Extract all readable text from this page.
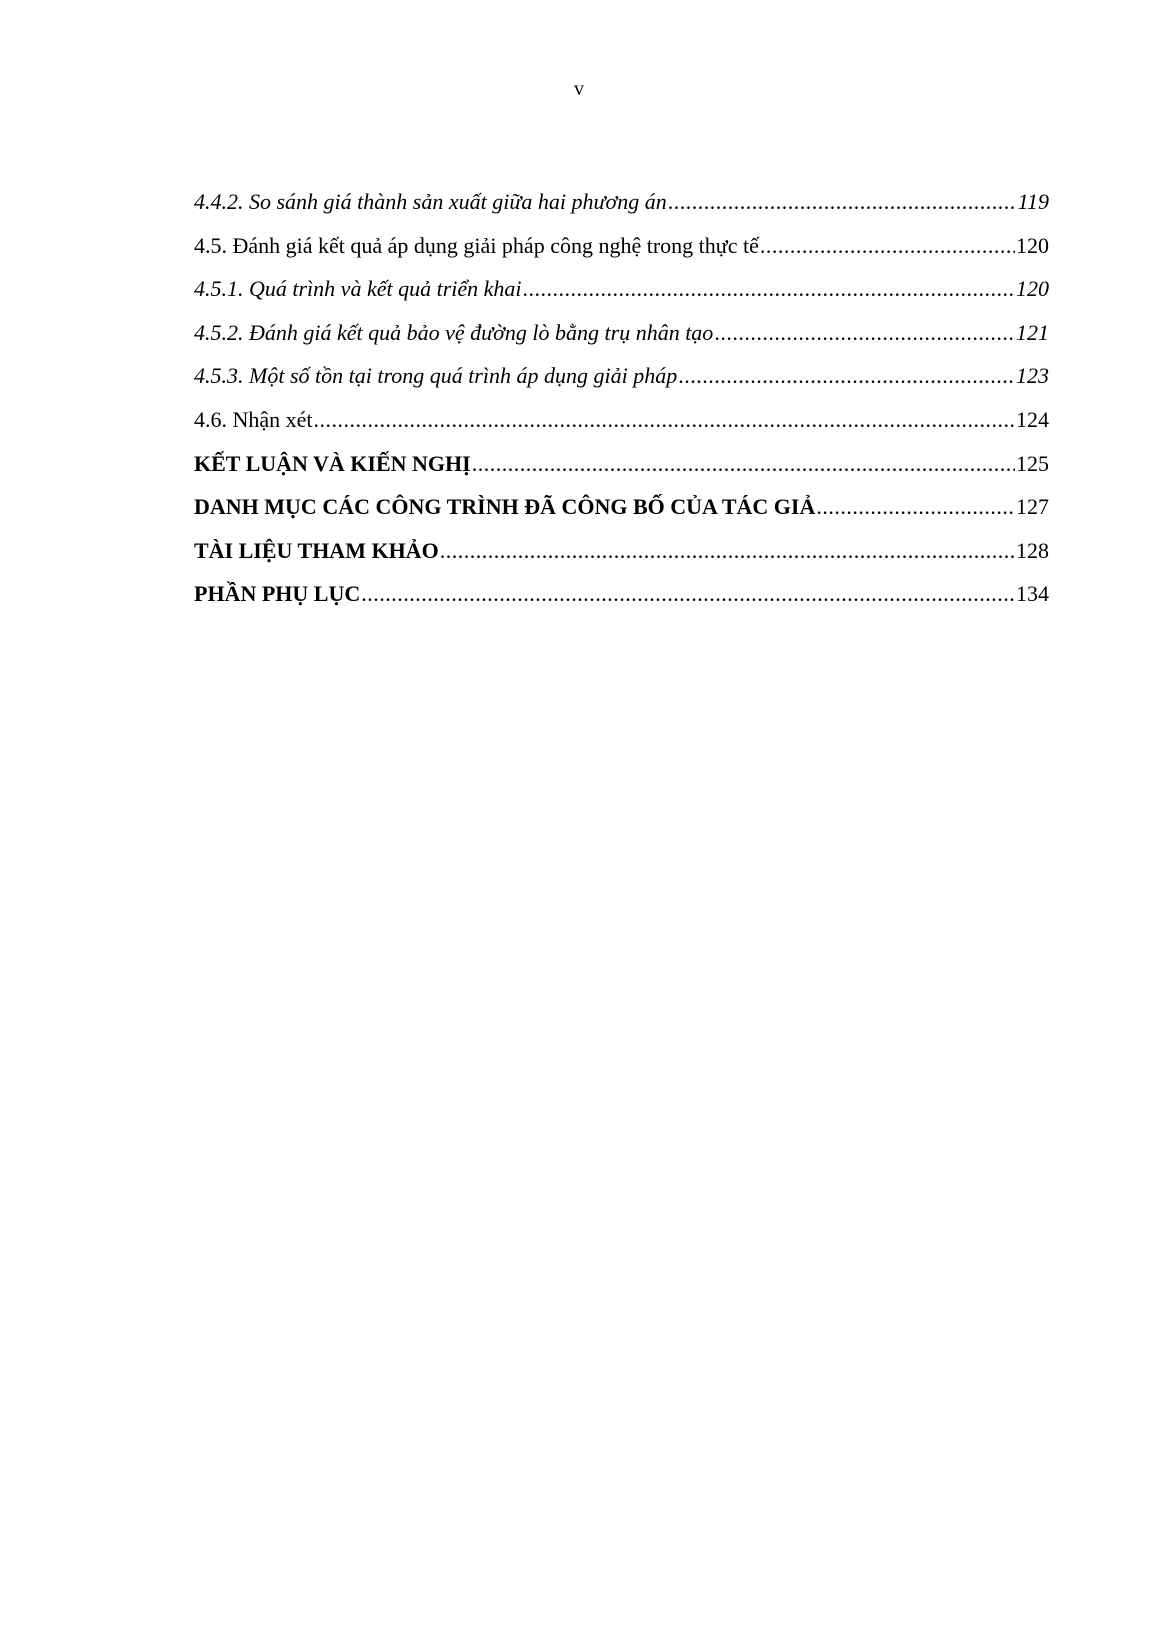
v
4.4.2. So sánh giá thành sản xuất giữa hai phương án .....	119
4.5. Đánh giá kết quả áp dụng giải pháp công nghệ trong thực tế .....	120
4.5.1. Quá trình và kết quả triển khai .....	120
4.5.2. Đánh giá kết quả bảo vệ đường lò bằng trụ nhân tạo .....	121
4.5.3. Một số tồn tại trong quá trình áp dụng giải pháp .....	123
4.6. Nhận xét .....	124
KẾT LUẬN VÀ KIẾN NGHỊ .....	125
DANH MỤC CÁC CÔNG TRÌNH ĐÃ CÔNG BỐ CỦA TÁC GIẢ .....	127
TÀI LIỆU THAM KHẢO .....	128
PHẦN PHỤ LỤC .....	134
